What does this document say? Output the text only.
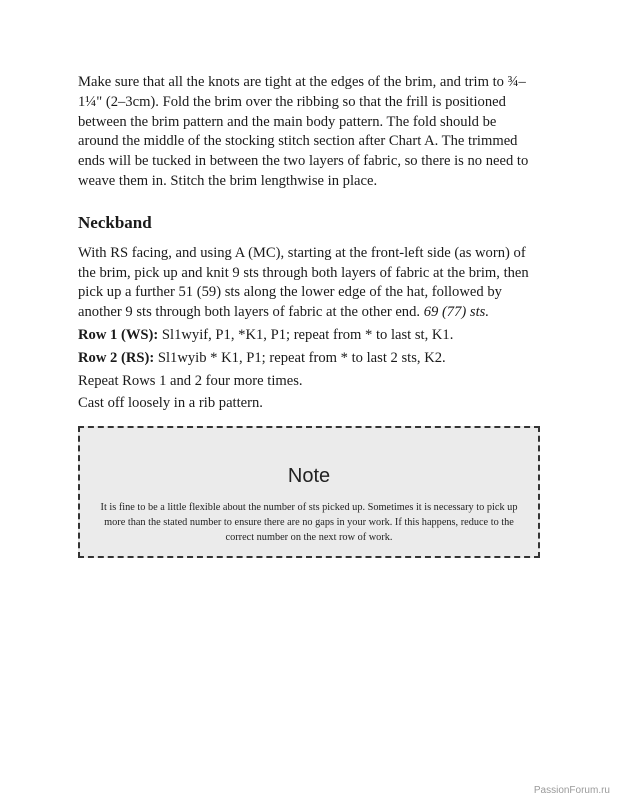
Make sure that all the knots are tight at the edges of the brim, and trim to ¾–1¼" (2–3cm). Fold the brim over the ribbing so that the frill is positioned between the brim pattern and the main body pattern. The fold should be around the middle of the stocking stitch section after Chart A. The trimmed ends will be tucked in between the two layers of fabric, so there is no need to weave them in. Stitch the brim lengthwise in place.

Neckband

With RS facing, and using A (MC), starting at the front-left side (as worn) of the brim, pick up and knit 9 sts through both layers of fabric at the brim, then pick up a further 51 (59) sts along the lower edge of the hat, followed by another 9 sts through both layers of fabric at the other end. 69 (77) sts.

Row 1 (WS): Sl1wyif, P1, *K1, P1; repeat from * to last st, K1.

Row 2 (RS): Sl1wyib * K1, P1; repeat from * to last 2 sts, K2.

Repeat Rows 1 and 2 four more times.

Cast off loosely in a rib pattern.

Note
It is fine to be a little flexible about the number of sts picked up. Sometimes it is necessary to pick up more than the stated number to ensure there are no gaps in your work. If this happens, reduce to the correct number on the next row of work.
PassionForum.ru
